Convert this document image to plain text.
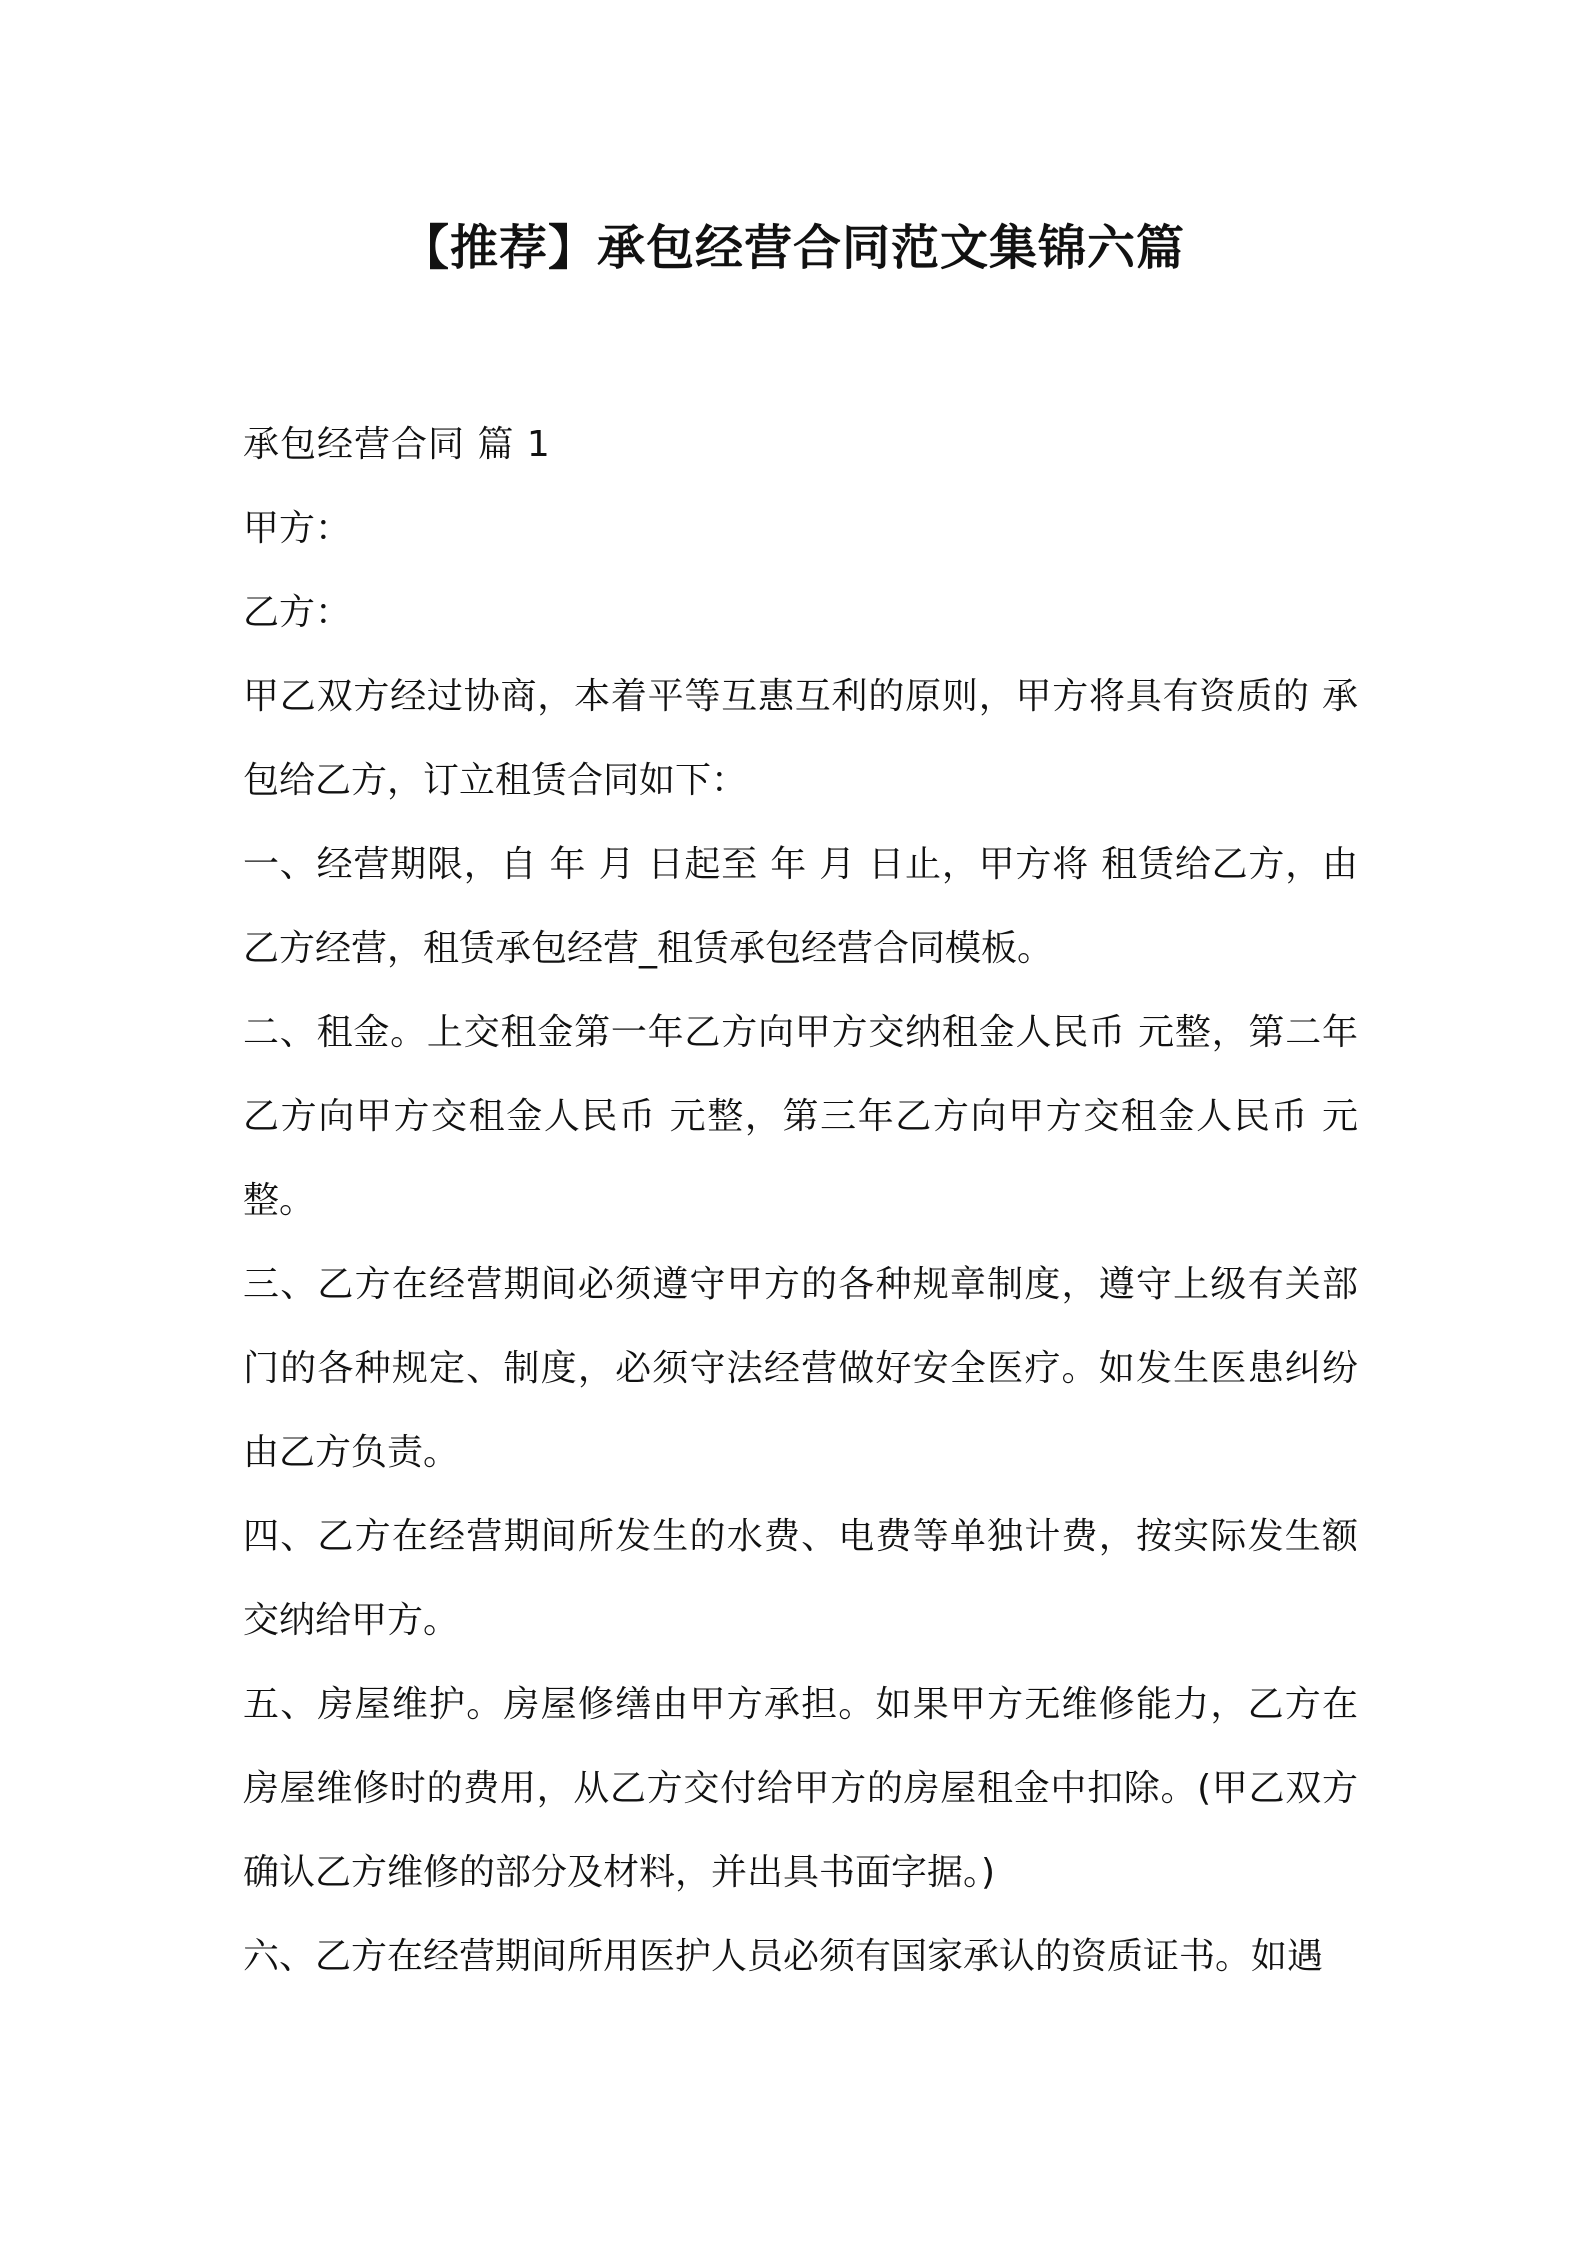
【推荐】承包经营合同范文集锦六篇

承包经营合同 篇 1

甲方：

乙方：

甲乙双方经过协商，本着平等互惠互利的原则，甲方将具有资质的 承包给乙方，订立租赁合同如下：

一、经营期限，自 年 月 日起至 年 月 日止，甲方将 租赁给乙方，由乙方经营，租赁承包经营_租赁承包经营合同模板。

二、租金。上交租金第一年乙方向甲方交纳租金人民币 元整，第二年乙方向甲方交租金人民币 元整，第三年乙方向甲方交租金人民币 元整。

三、乙方在经营期间必须遵守甲方的各种规章制度，遵守上级有关部门的各种规定、制度，必须守法经营做好安全医疗。如发生医患纠纷由乙方负责。

四、乙方在经营期间所发生的水费、电费等单独计费，按实际发生额交纳给甲方。

五、房屋维护。房屋修缮由甲方承担。如果甲方无维修能力，乙方在房屋维修时的费用，从乙方交付给甲方的房屋租金中扣除。(甲乙双方确认乙方维修的部分及材料，并出具书面字据。)

六、乙方在经营期间所用医护人员必须有国家承认的资质证书。如遇
